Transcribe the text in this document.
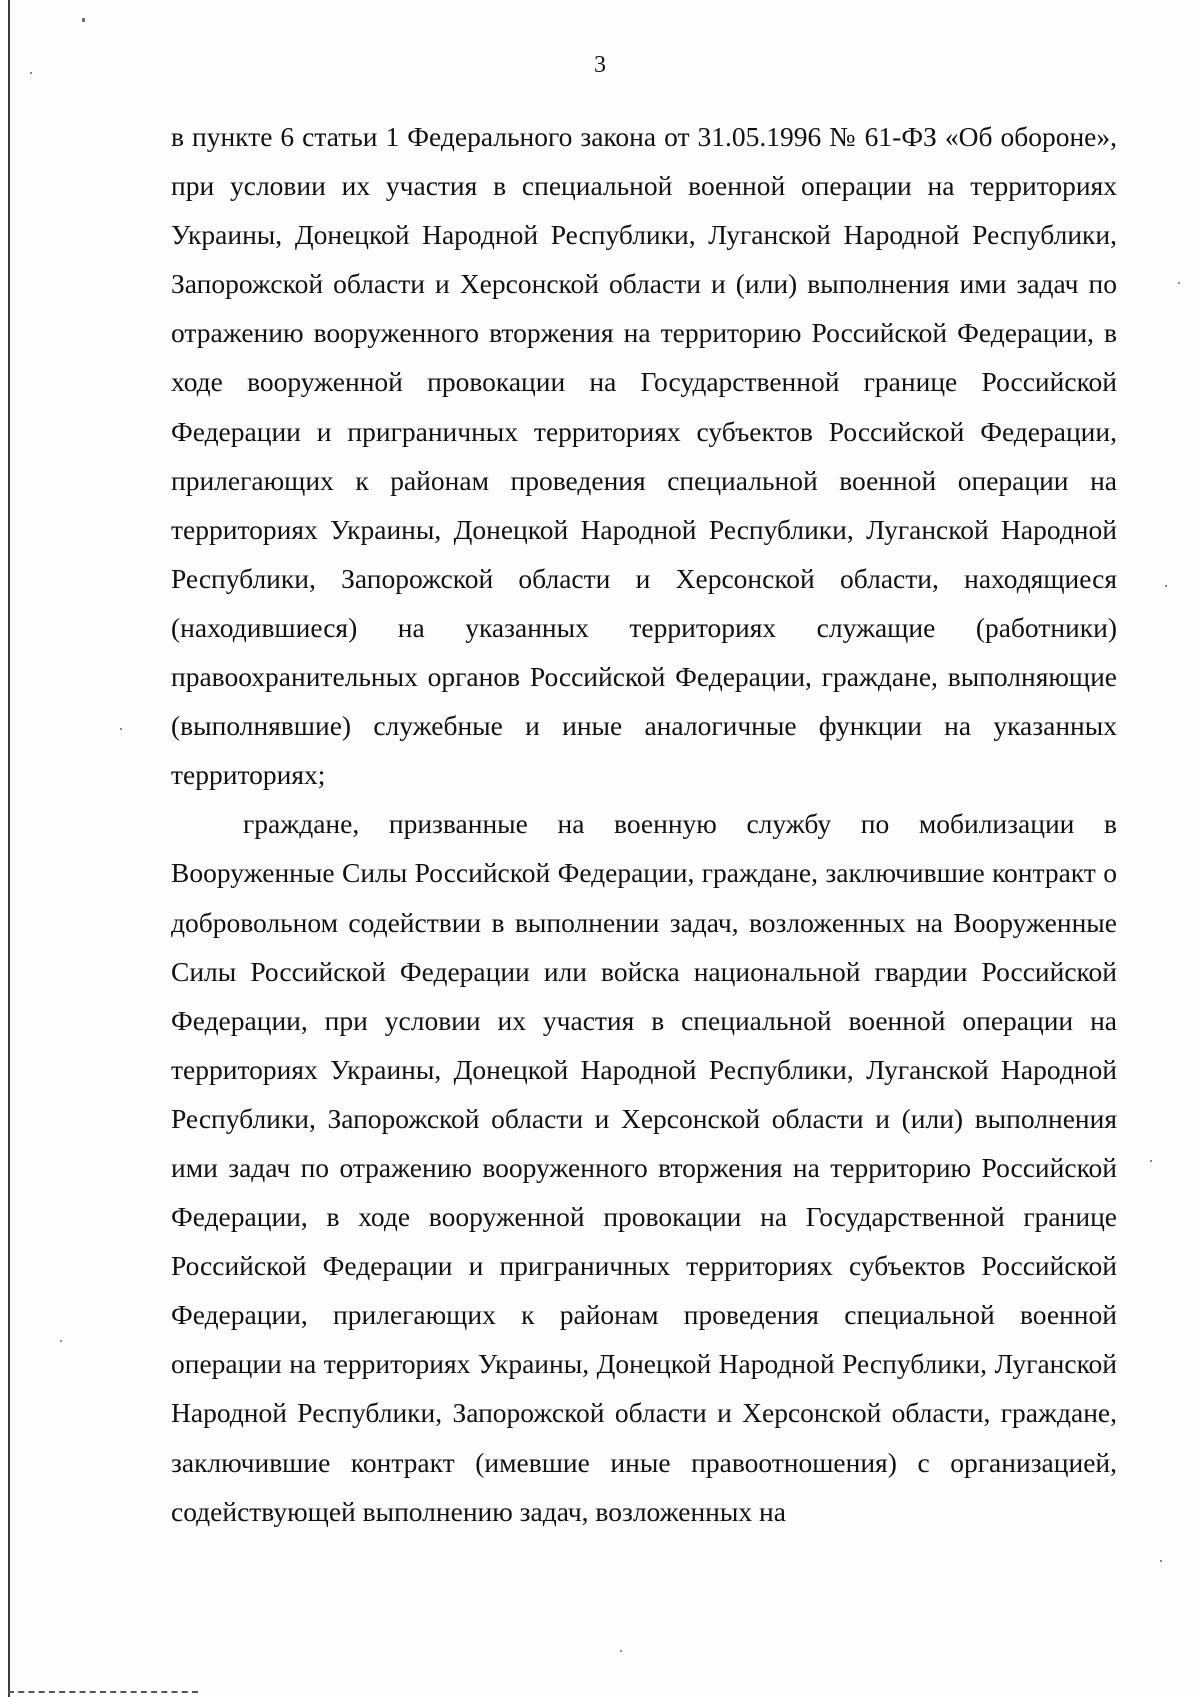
3

в пункте 6 статьи 1 Федерального закона от 31.05.1996 № 61-ФЗ «Об обороне», при условии их участия в специальной военной операции на территориях Украины, Донецкой Народной Республики, Луганской Народной Республики, Запорожской области и Херсонской области и (или) выполнения ими задач по отражению вооруженного вторжения на территорию Российской Федерации, в ходе вооруженной провокации на Государственной границе Российской Федерации и приграничных территориях субъектов Российской Федерации, прилегающих к районам проведения специальной военной операции на территориях Украины, Донецкой Народной Республики, Луганской Народной Республики, Запорожской области и Херсонской области, находящиеся (находившиеся) на указанных территориях служащие (работники) правоохранительных органов Российской Федерации, граждане, выполняющие (выполнявшие) служебные и иные аналогичные функции на указанных территориях;

граждане, призванные на военную службу по мобилизации в Вооруженные Силы Российской Федерации, граждане, заключившие контракт о добровольном содействии в выполнении задач, возложенных на Вооруженные Силы Российской Федерации или войска национальной гвардии Российской Федерации, при условии их участия в специальной военной операции на территориях Украины, Донецкой Народной Республики, Луганской Народной Республики, Запорожской области и Херсонской области и (или) выполнения ими задач по отражению вооруженного вторжения на территорию Российской Федерации, в ходе вооруженной провокации на Государственной границе Российской Федерации и приграничных территориях субъектов Российской Федерации, прилегающих к районам проведения специальной военной операции на территориях Украины, Донецкой Народной Республики, Луганской Народной Республики, Запорожской области и Херсонской области, граждане, заключившие контракт (имевшие иные правоотношения) с организацией, содействующей выполнению задач, возложенных на
